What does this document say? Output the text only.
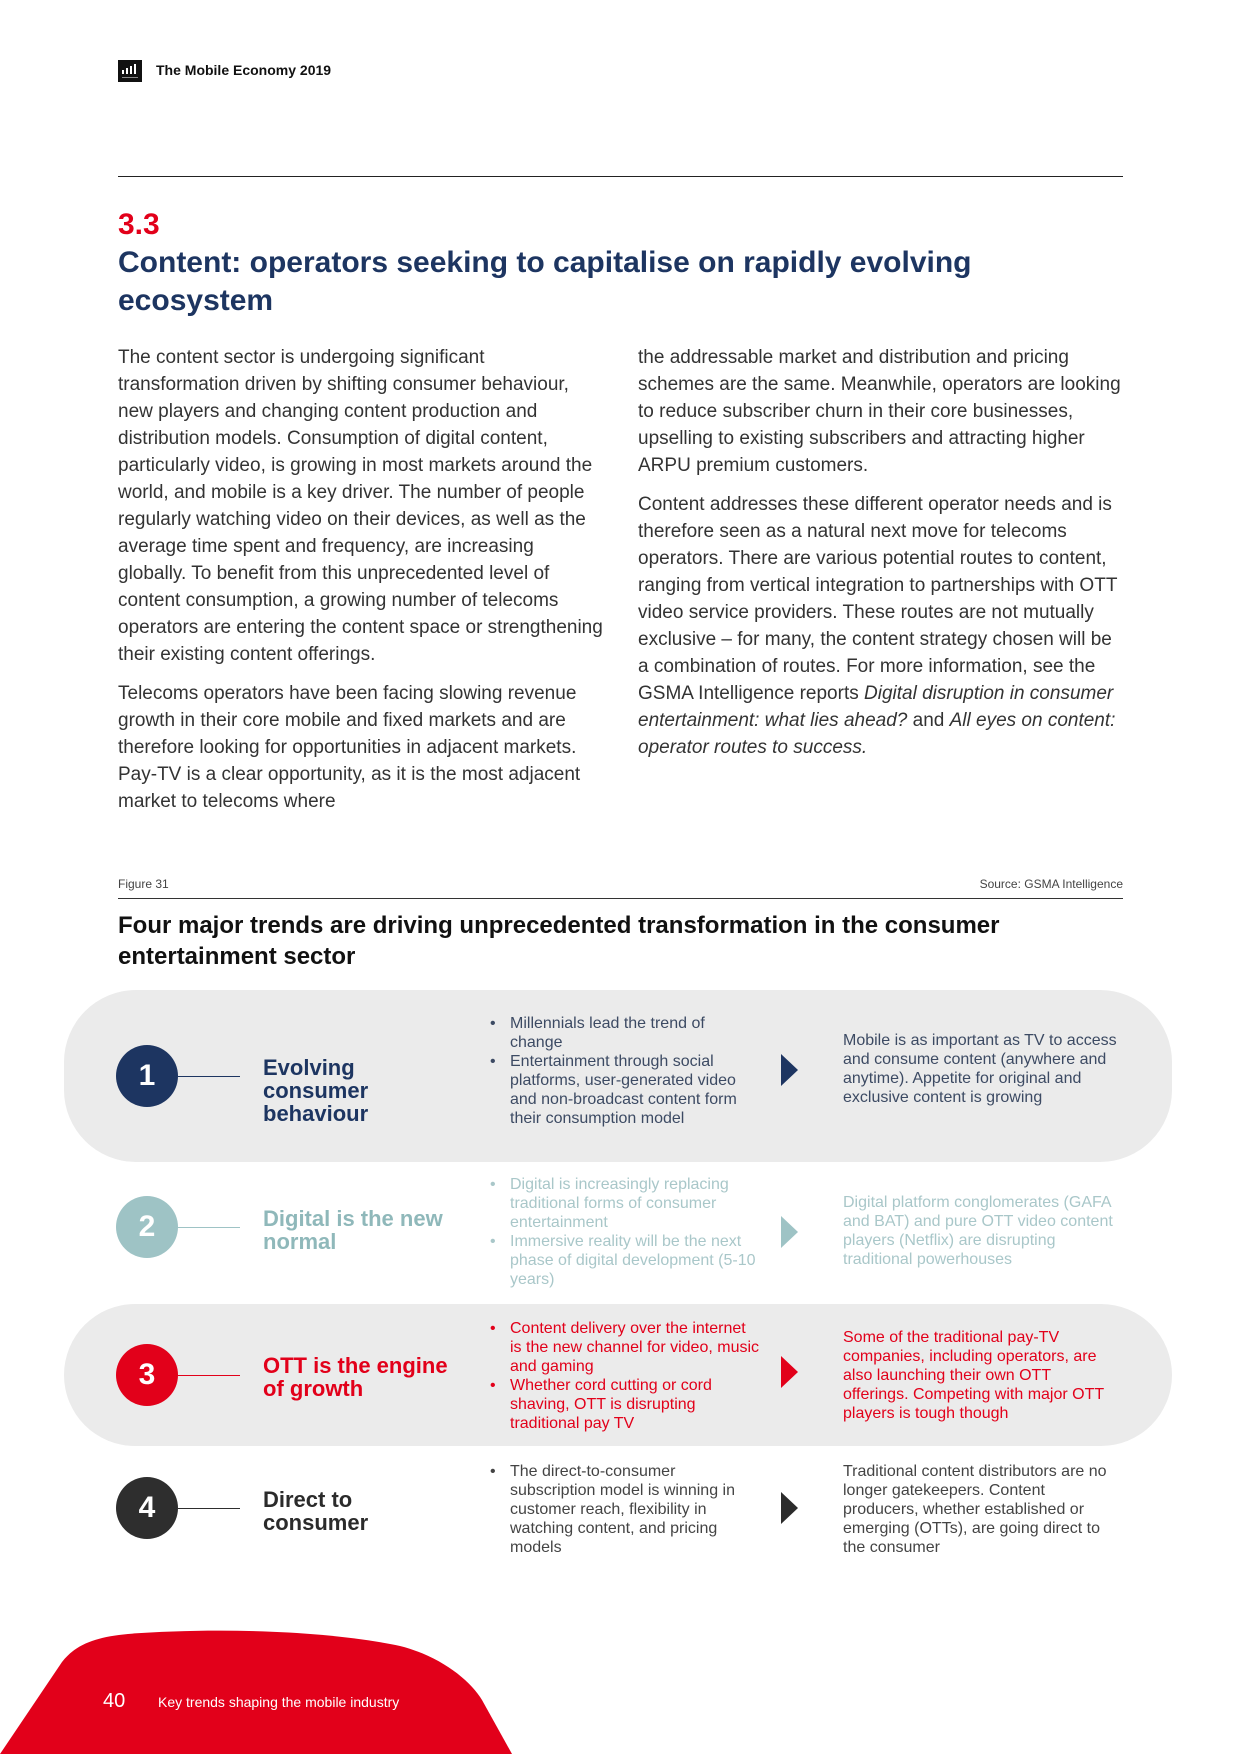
The Mobile Economy 2019
3.3
Content: operators seeking to capitalise on rapidly evolving ecosystem

The content sector is undergoing significant transformation driven by shifting consumer behaviour, new players and changing content production and distribution models. Consumption of digital content, particularly video, is growing in most markets around the world, and mobile is a key driver. The number of people regularly watching video on their devices, as well as the average time spent and frequency, are increasing globally. To benefit from this unprecedented level of content consumption, a growing number of telecoms operators are entering the content space or strengthening their existing content offerings.

Telecoms operators have been facing slowing revenue growth in their core mobile and fixed markets and are therefore looking for opportunities in adjacent markets. Pay-TV is a clear opportunity, as it is the most adjacent market to telecoms where

the addressable market and distribution and pricing schemes are the same. Meanwhile, operators are looking to reduce subscriber churn in their core businesses, upselling to existing subscribers and attracting higher ARPU premium customers.

Content addresses these different operator needs and is therefore seen as a natural next move for telecoms operators. There are various potential routes to content, ranging from vertical integration to partnerships with OTT video service providers. These routes are not mutually exclusive – for many, the content strategy chosen will be a combination of routes. For more information, see the GSMA Intelligence reports Digital disruption in consumer entertainment: what lies ahead? and All eyes on content: operator routes to success.

Figure 31	Source: GSMA Intelligence
Four major trends are driving unprecedented transformation in the consumer entertainment sector
1	Evolving consumer behaviour
• Millennials lead the trend of change
• Entertainment through social platforms, user-generated video and non-broadcast content form their consumption model
Mobile is as important as TV to access and consume content (anywhere and anytime). Appetite for original and exclusive content is growing
2	Digital is the new normal
• Digital is increasingly replacing traditional forms of consumer entertainment
• Immersive reality will be the next phase of digital development (5-10 years)
Digital platform conglomerates (GAFA and BAT) and pure OTT video content players (Netflix) are disrupting traditional powerhouses
3	OTT is the engine of growth
• Content delivery over the internet is the new channel for video, music and gaming
• Whether cord cutting or cord shaving, OTT is disrupting traditional pay TV
Some of the traditional pay-TV companies, including operators, are also launching their own OTT offerings. Competing with major OTT players is tough though
4	Direct to consumer
• The direct-to-consumer subscription model is winning in customer reach, flexibility in watching content, and pricing models
Traditional content distributors are no longer gatekeepers. Content producers, whether established or emerging (OTTs), are going direct to the consumer
40 Key trends shaping the mobile industry
